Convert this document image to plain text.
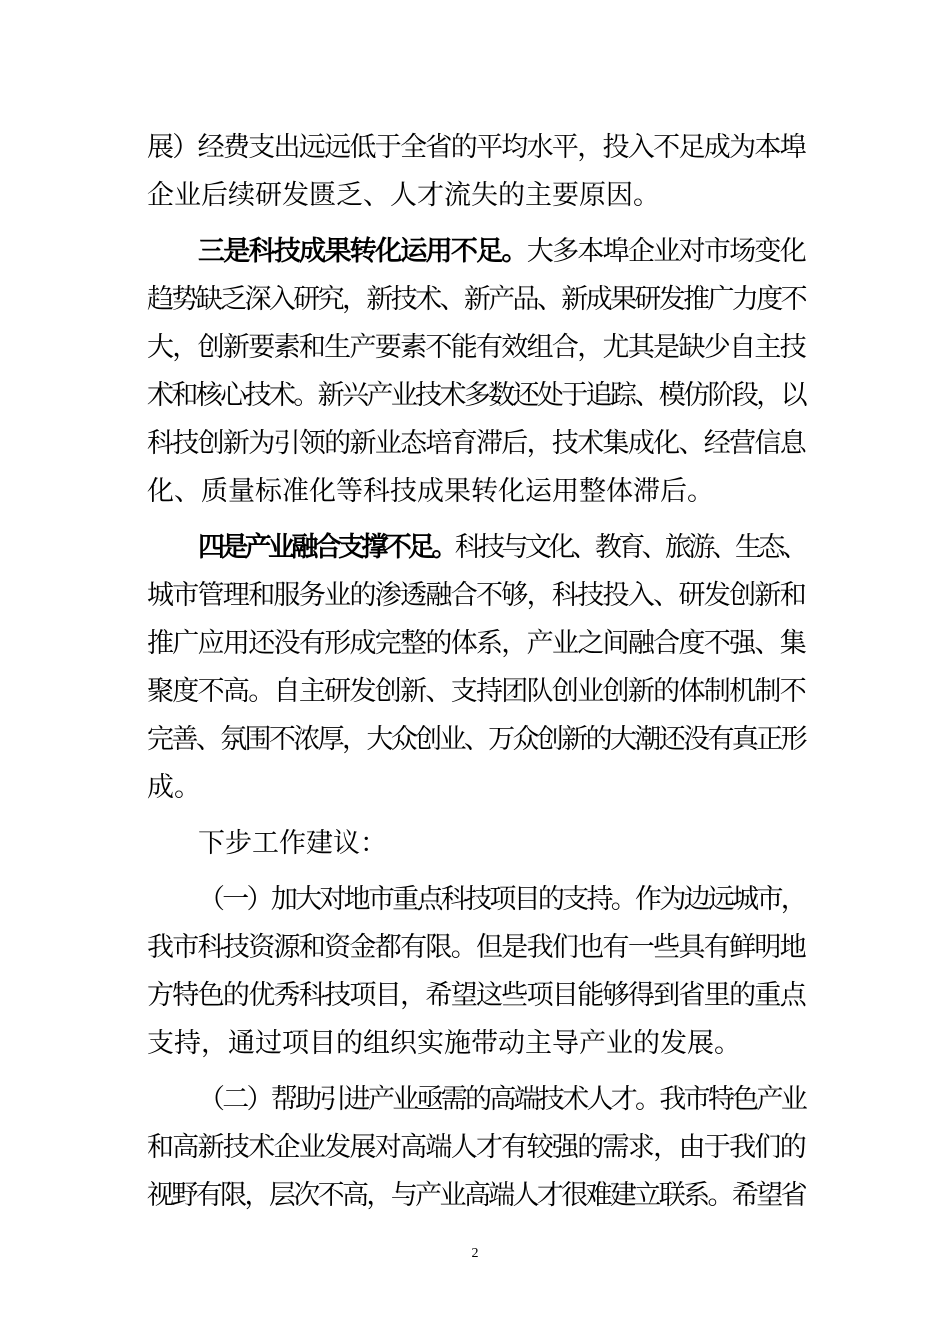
展）经费支出远远低于全省的平均水平，投入不足成为本埠
企业后续研发匮乏、人才流失的主要原因。
三是科技成果转化运用不足。大多本埠企业对市场变化
趋势缺乏深入研究，新技术、新产品、新成果研发推广力度不
大，创新要素和生产要素不能有效组合，尤其是缺少自主技
术和核心技术。新兴产业技术多数还处于追踪、模仿阶段，以
科技创新为引领的新业态培育滞后，技术集成化、经营信息
化、质量标准化等科技成果转化运用整体滞后。
四是产业融合支撑不足。科技与文化、教育、旅游、生态、
城市管理和服务业的渗透融合不够，科技投入、研发创新和
推广应用还没有形成完整的体系，产业之间融合度不强、集
聚度不高。自主研发创新、支持团队创业创新的体制机制不
完善、氛围不浓厚，大众创业、万众创新的大潮还没有真正形
成。
下步工作建议：
（一）加大对地市重点科技项目的支持。作为边远城市，
我市科技资源和资金都有限。但是我们也有一些具有鲜明地
方特色的优秀科技项目，希望这些项目能够得到省里的重点
支持，通过项目的组织实施带动主导产业的发展。
（二）帮助引进产业亟需的高端技术人才。我市特色产业
和高新技术企业发展对高端人才有较强的需求，由于我们的
视野有限，层次不高，与产业高端人才很难建立联系。希望省
2
